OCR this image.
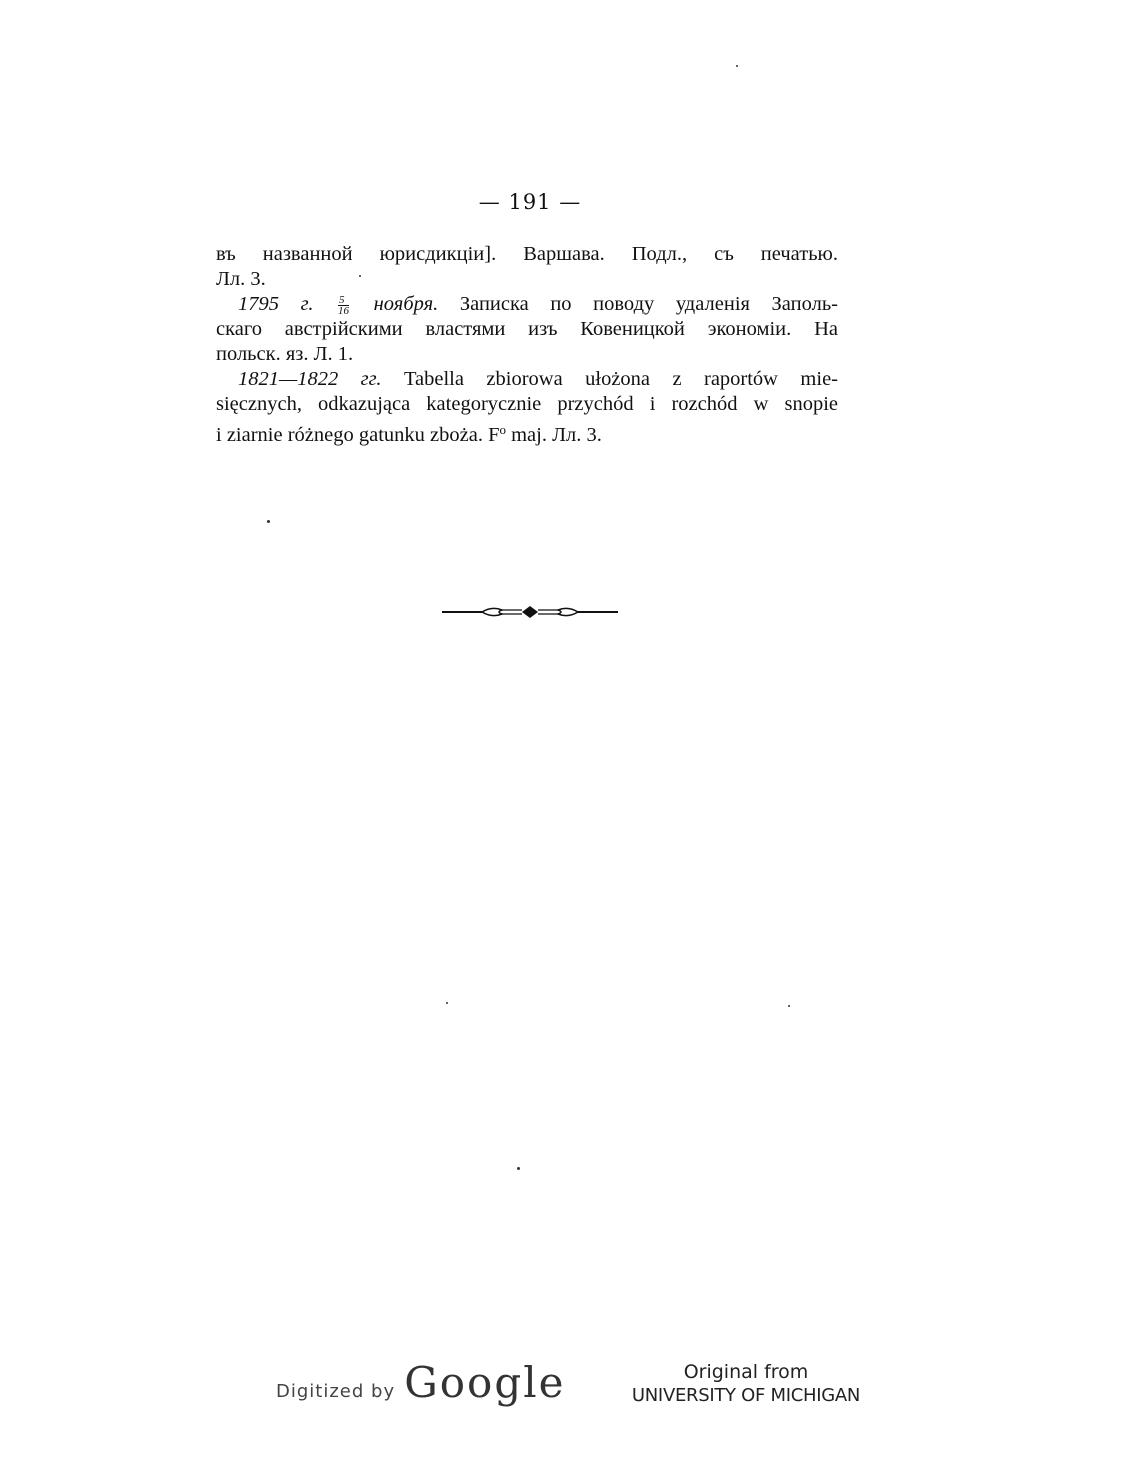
— 191 —
въ названной юрисдикціи]. Варшава. Подл., съ печатью.
Лл. 3.
1795 г. $\frac{5}{16}$ ноября. Записка по поводу удаленія Заполь-
скаго австрійскими властями изъ Ковеницкой экономіи. На
польск. яз. Л. 1.
1821—1822 гг. Tabella zbiorowa ułożona z raportów mie-
sięcznych, odkazująca kategorycznie przychód i rozchód w snopie
i ziarnie różnego gatunku zboża. $F^o$ maj. Лл. 3.
Digitized by Google	Original from
UNIVERSITY OF MICHIGAN
